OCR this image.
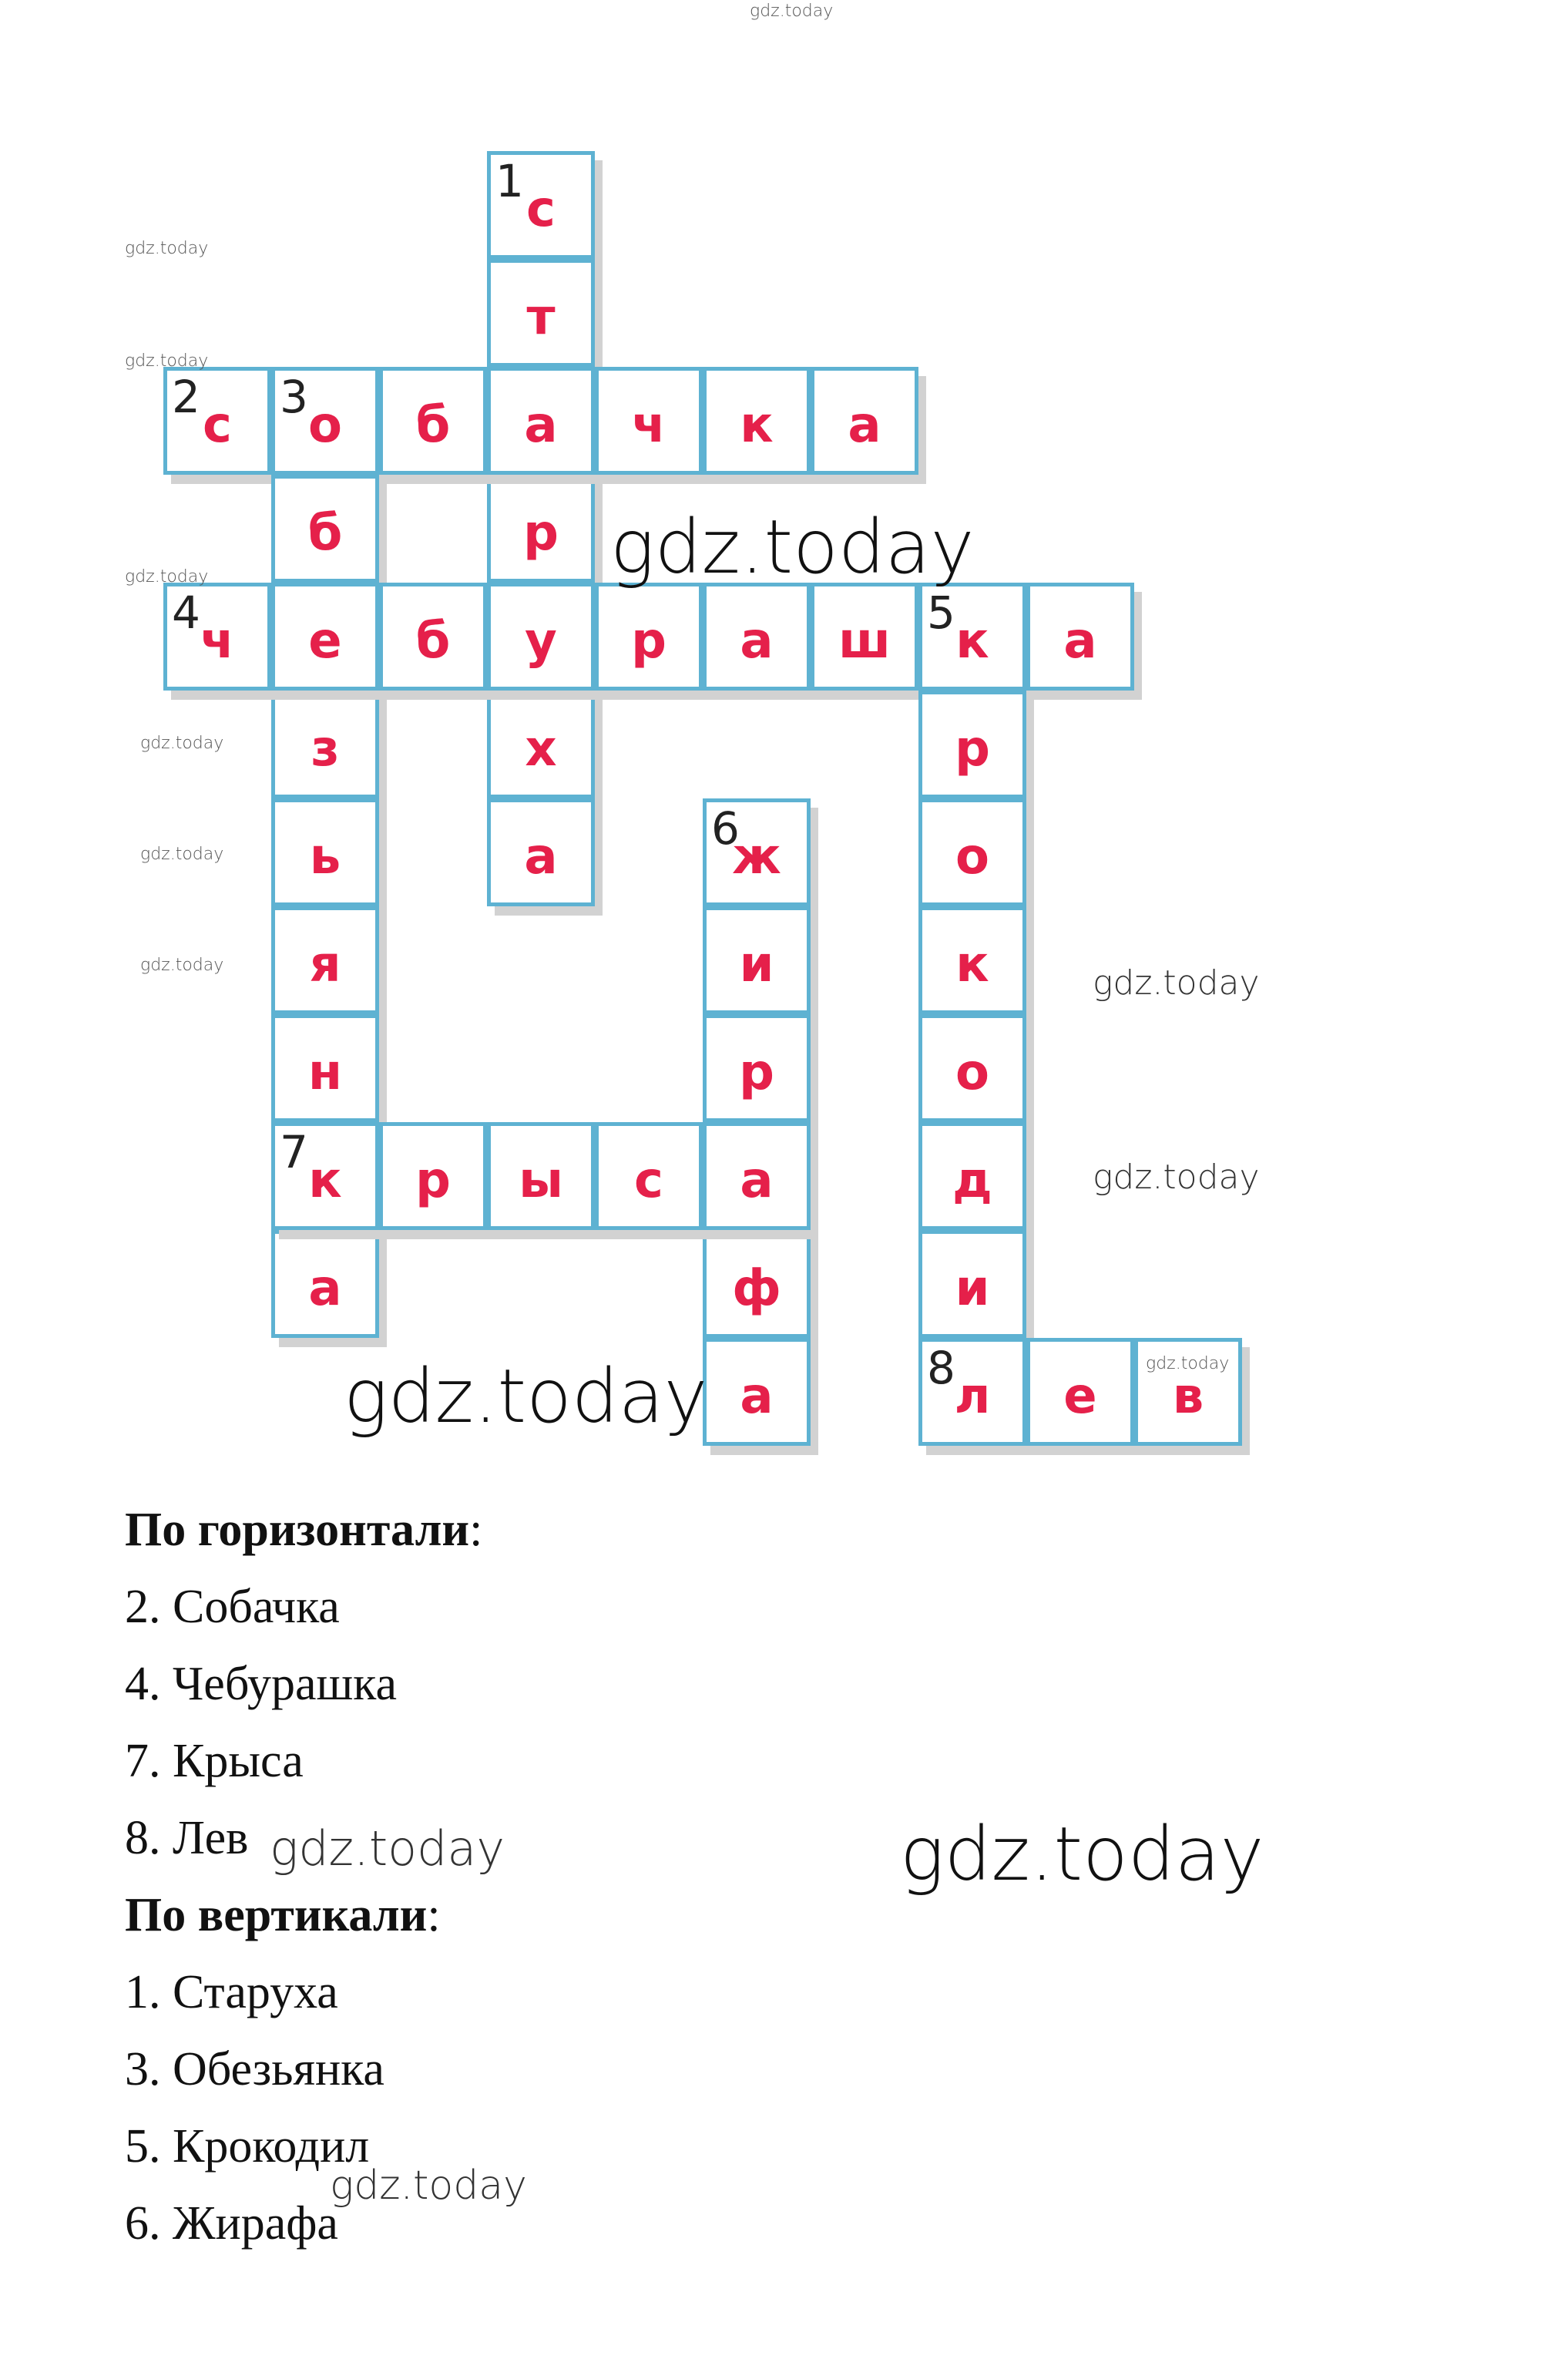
1 с
т
р
х
а
2 с	3 о	б	а	ч	к	а
б
з
ь
я
н
а
4 ч	е	б	у	р	а	ш 5 к	а
р
о
к
о
д
и
8
л	е	в
6
ж
и
р
ф
а
7 к	р	ы	с	а
По горизонтали:
2. Собачка
4. Чебурашка
7. Крыса
8. Лев
По вертикали:
1. Старуха
3. Обезьянка
5. Крокодил
6. Жирафа
gdz.today
gdz.today
gdz.today
gdz.today
gdz.today
gdz.today
gdz.today
gdz.today
gdz.today
gdz.today
gdz.today
gdz.today
gdz.today
gdz.today
gdz.today
